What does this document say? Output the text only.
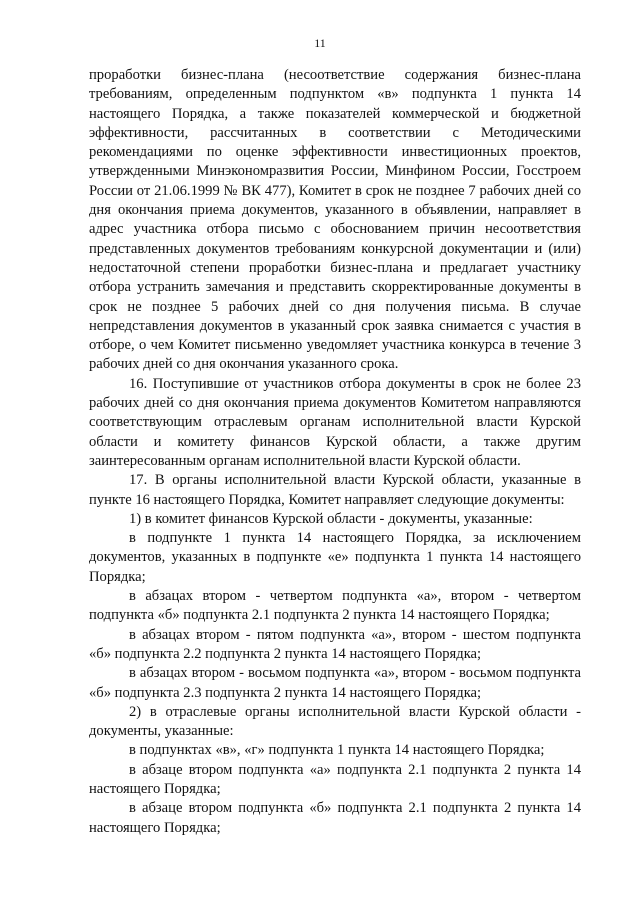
11

проработки бизнес-плана (несоответствие содержания бизнес-плана требованиям, определенным подпунктом «в» подпункта 1 пункта 14 настоящего Порядка, а также показателей коммерческой и бюджетной эффективности, рассчитанных в соответствии с Методическими рекомендациями по оценке эффективности инвестиционных проектов, утвержденными Минэкономразвития России, Минфином России, Госстроем России от 21.06.1999 № ВК 477), Комитет в срок не позднее 7 рабочих дней со дня окончания приема документов, указанного в объявлении, направляет в адрес участника отбора письмо с обоснованием причин несоответствия представленных документов требованиям конкурсной документации и (или) недостаточной степени проработки бизнес-плана и предлагает участнику отбора устранить замечания и представить скорректированные документы в срок не позднее 5 рабочих дней со дня получения письма. В случае непредставления документов в указанный срок заявка снимается с участия в отборе, о чем Комитет письменно уведомляет участника конкурса в течение 3 рабочих дней со дня окончания указанного срока.

16. Поступившие от участников отбора документы в срок не более 23 рабочих дней со дня окончания приема документов Комитетом направляются соответствующим отраслевым органам исполнительной власти Курской области и комитету финансов Курской области, а также другим заинтересованным органам исполнительной власти Курской области.

17. В органы исполнительной власти Курской области, указанные в пункте 16 настоящего Порядка, Комитет направляет следующие документы:

1) в комитет финансов Курской области - документы, указанные:

в подпункте 1 пункта 14 настоящего Порядка, за исключением документов, указанных в подпункте «е» подпункта 1 пункта 14 настоящего Порядка;

в абзацах втором - четвертом подпункта «а», втором - четвертом подпункта «б» подпункта 2.1 подпункта 2 пункта 14 настоящего Порядка;

в абзацах втором - пятом подпункта «а», втором - шестом подпункта «б» подпункта 2.2 подпункта 2 пункта 14 настоящего Порядка;

в абзацах втором - восьмом подпункта «а», втором - восьмом подпункта «б» подпункта 2.3 подпункта 2 пункта 14 настоящего Порядка;

2) в отраслевые органы исполнительной власти Курской области - документы, указанные:

в подпунктах «в», «г» подпункта 1 пункта 14 настоящего Порядка;

в абзаце втором подпункта «а» подпункта 2.1 подпункта 2 пункта 14 настоящего Порядка;

в абзаце втором подпункта «б» подпункта 2.1 подпункта 2 пункта 14 настоящего Порядка;
